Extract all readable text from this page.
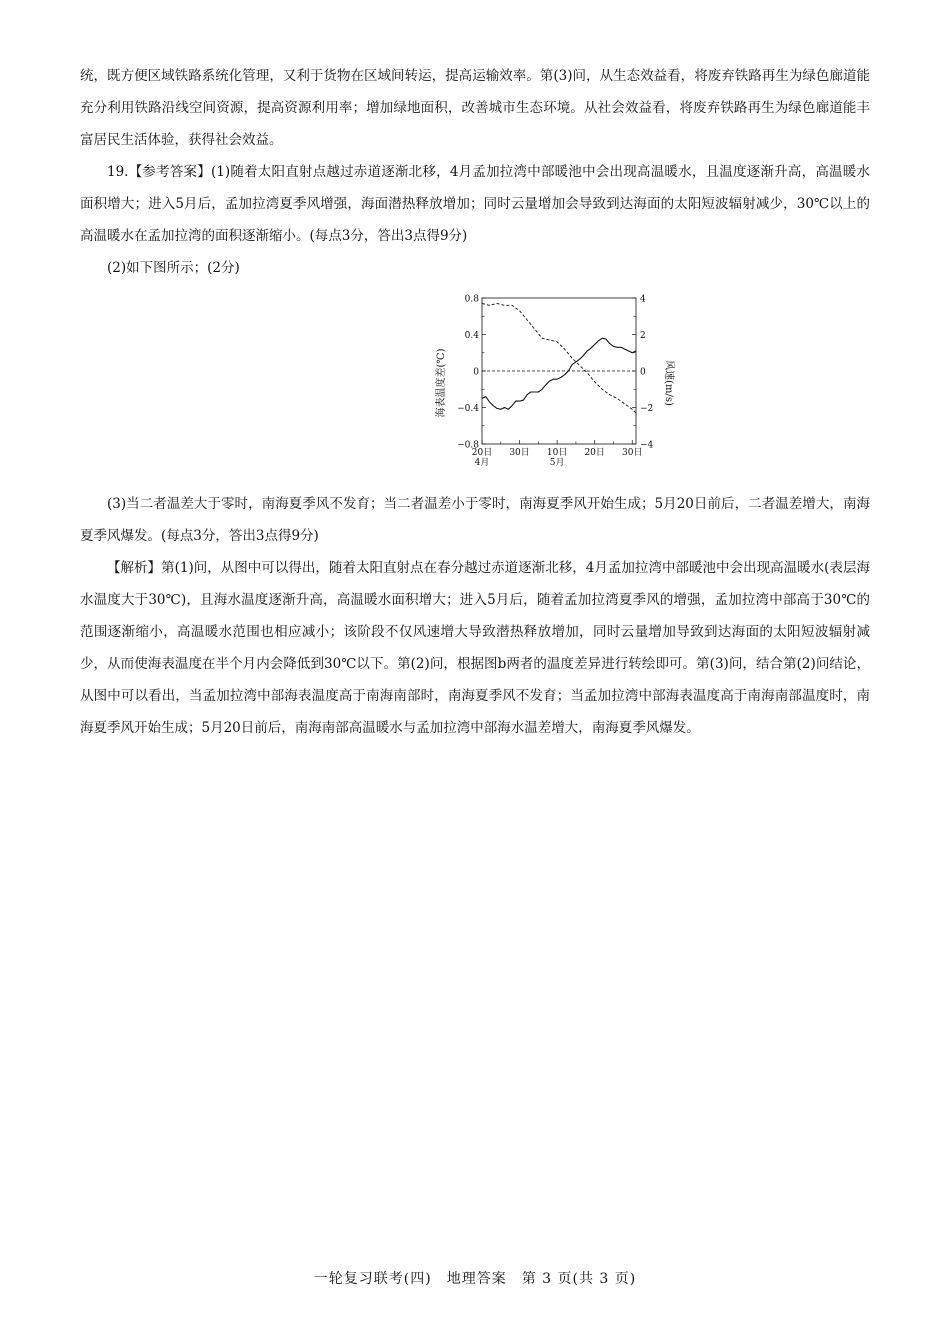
统，既方便区域铁路系统化管理，又利于货物在区域间转运，提高运输效率。第(3)问，从生态效益看，将废弃铁路再生为绿色廊道能充分利用铁路沿线空间资源，提高资源利用率；增加绿地面积，改善城市生态环境。从社会效益看，将废弃铁路再生为绿色廊道能丰富居民生活体验，获得社会效益。

19.【参考答案】(1)随着太阳直射点越过赤道逐渐北移，4月孟加拉湾中部暖池中会出现高温暖水，且温度逐渐升高，高温暖水面积增大；进入5月后，孟加拉湾夏季风增强，海面潜热释放增加；同时云量增加会导致到达海面的太阳短波辐射减少，30℃以上的高温暖水在孟加拉湾的面积逐渐缩小。(每点3分，答出3点得9分)

(2)如下图所示；(2分)

0.8
0.4
0
−0.4
−0.8
4
2
0
−2
−4
20日
4月
30日 10日
5月
20日 30日
海表温度差(℃)	风速(m/s)

(3)当二者温差大于零时，南海夏季风不发育；当二者温差小于零时，南海夏季风开始生成；5月20日前后，二者温差增大，南海夏季风爆发。(每点3分，答出3点得9分)

【解析】第(1)问，从图中可以得出，随着太阳直射点在春分越过赤道逐渐北移，4月孟加拉湾中部暖池中会出现高温暖水(表层海水温度大于30℃)，且海水温度逐渐升高，高温暖水面积增大；进入5月后，随着孟加拉湾夏季风的增强，孟加拉湾中部高于30℃的范围逐渐缩小，高温暖水范围也相应减小；该阶段不仅风速增大导致潜热释放增加，同时云量增加导致到达海面的太阳短波辐射减少，从而使海表温度在半个月内会降低到30℃以下。第(2)问，根据图b两者的温度差异进行转绘即可。第(3)问，结合第(2)问结论，从图中可以看出，当孟加拉湾中部海表温度高于南海南部时，南海夏季风不发育；当孟加拉湾中部海表温度高于南海南部温度时，南海夏季风开始生成；5月20日前后，南海南部高温暖水与孟加拉湾中部海水温差增大，南海夏季风爆发。

一轮复习联考(四)　地理答案　第 3 页(共 3 页)
